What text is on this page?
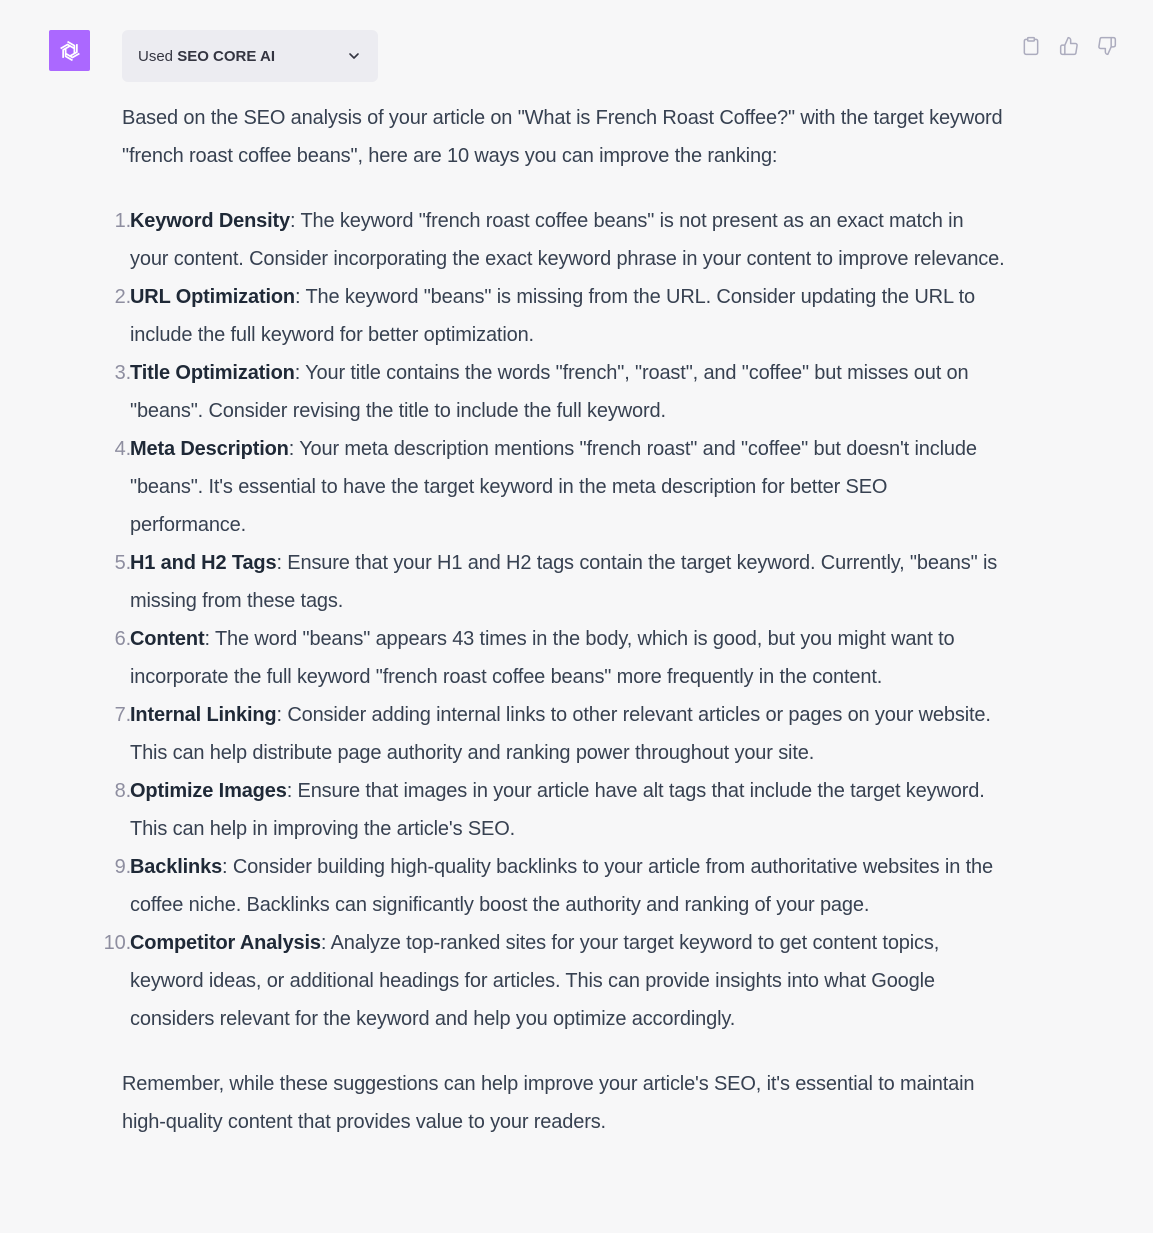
Used SEO CORE AI

Based on the SEO analysis of your article on "What is French Roast Coffee?" with the target keyword "french roast coffee beans", here are 10 ways you can improve the ranking:

1. Keyword Density: The keyword "french roast coffee beans" is not present as an exact match in your content. Consider incorporating the exact keyword phrase in your content to improve relevance.
2. URL Optimization: The keyword "beans" is missing from the URL. Consider updating the URL to include the full keyword for better optimization.
3. Title Optimization: Your title contains the words "french", "roast", and "coffee" but misses out on "beans". Consider revising the title to include the full keyword.
4. Meta Description: Your meta description mentions "french roast" and "coffee" but doesn't include "beans". It's essential to have the target keyword in the meta description for better SEO performance.
5. H1 and H2 Tags: Ensure that your H1 and H2 tags contain the target keyword. Currently, "beans" is missing from these tags.
6. Content: The word "beans" appears 43 times in the body, which is good, but you might want to incorporate the full keyword "french roast coffee beans" more frequently in the content.
7. Internal Linking: Consider adding internal links to other relevant articles or pages on your website. This can help distribute page authority and ranking power throughout your site.
8. Optimize Images: Ensure that images in your article have alt tags that include the target keyword. This can help in improving the article's SEO.
9. Backlinks: Consider building high-quality backlinks to your article from authoritative websites in the coffee niche. Backlinks can significantly boost the authority and ranking of your page.
10. Competitor Analysis: Analyze top-ranked sites for your target keyword to get content topics, keyword ideas, or additional headings for articles. This can provide insights into what Google considers relevant for the keyword and help you optimize accordingly.

Remember, while these suggestions can help improve your article's SEO, it's essential to maintain high-quality content that provides value to your readers.
